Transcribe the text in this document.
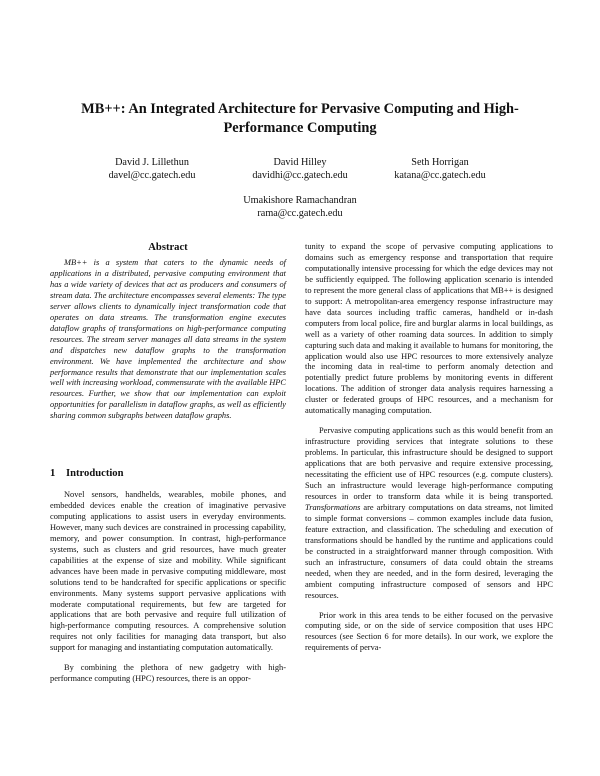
MB++: An Integrated Architecture for Pervasive Computing and High-Performance Computing
David J. Lillethun
davel@cc.gatech.edu
David Hilley
davidhi@cc.gatech.edu
Seth Horrigan
katana@cc.gatech.edu
Umakishore Ramachandran
rama@cc.gatech.edu
Abstract

MB++ is a system that caters to the dynamic needs of applications in a distributed, pervasive computing environment that has a wide variety of devices that act as producers and consumers of stream data. The architecture encompasses several elements: The type server allows clients to dynamically inject transformation code that operates on data streams. The transformation engine executes dataflow graphs of transformations on high-performance computing resources. The stream server manages all data streams in the system and dispatches new dataflow graphs to the transformation environment. We have implemented the architecture and show performance results that demonstrate that our implementation scales well with increasing workload, commensurate with the available HPC resources. Further, we show that our implementation can exploit opportunities for parallelism in dataflow graphs, as well as efficiently sharing common subgraphs between dataflow graphs.

1 Introduction

Novel sensors, handhelds, wearables, mobile phones, and embedded devices enable the creation of imaginative pervasive computing applications to assist users in everyday environments. However, many such devices are constrained in processing capability, memory, and power consumption. In contrast, high-performance systems, such as clusters and grid resources, have much greater capabilities at the expense of size and mobility. While significant advances have been made in pervasive computing middleware, most solutions tend to be handcrafted for specific applications or specific environments. Many systems support pervasive applications with moderate computational requirements, but few are targeted for applications that are both pervasive and require full utilization of high-performance computing resources. A comprehensive solution requires not only facilities for managing data transport, but also support for managing and instantiating computation automatically.

By combining the plethora of new gadgetry with high-performance computing (HPC) resources, there is an oppor-

tunity to expand the scope of pervasive computing applications to domains such as emergency response and transportation that require computationally intensive processing for which the edge devices may not be sufficiently equipped. The following application scenario is intended to represent the more general class of applications that MB++ is designed to support: A metropolitan-area emergency response infrastructure may have data sources including traffic cameras, handheld or in-dash computers from local police, fire and burglar alarms in local buildings, as well as a variety of other roaming data sources. In addition to simply capturing such data and making it available to humans for monitoring, the application would also use HPC resources to more extensively analyze the incoming data in real-time to perform anomaly detection and potentially predict future problems by monitoring events in different locations. The addition of stronger data analysis requires harnessing a cluster or federated groups of HPC resources, and a mechanism for automatically managing computation.

Pervasive computing applications such as this would benefit from an infrastructure providing services that integrate solutions to these problems. In particular, this infrastructure should be designed to support applications that are both pervasive and require extensive processing, necessitating the efficient use of HPC resources (e.g. compute clusters). Such an infrastructure would leverage high-performance computing resources in order to transform data while it is being transported. Transformations are arbitrary computations on data streams, not limited to simple format conversions – common examples include data fusion, feature extraction, and classification. The scheduling and execution of transformations should be handled by the runtime and applications could be constructed in a straightforward manner through composition. With such an infrastructure, consumers of data could obtain the streams needed, when they are needed, and in the form desired, leveraging the ambient computing infrastructure composed of sensors and HPC resources.

Prior work in this area tends to be either focused on the pervasive computing side, or on the side of service composition that uses HPC resources (see Section 6 for more details). In our work, we explore the requirements of perva-
